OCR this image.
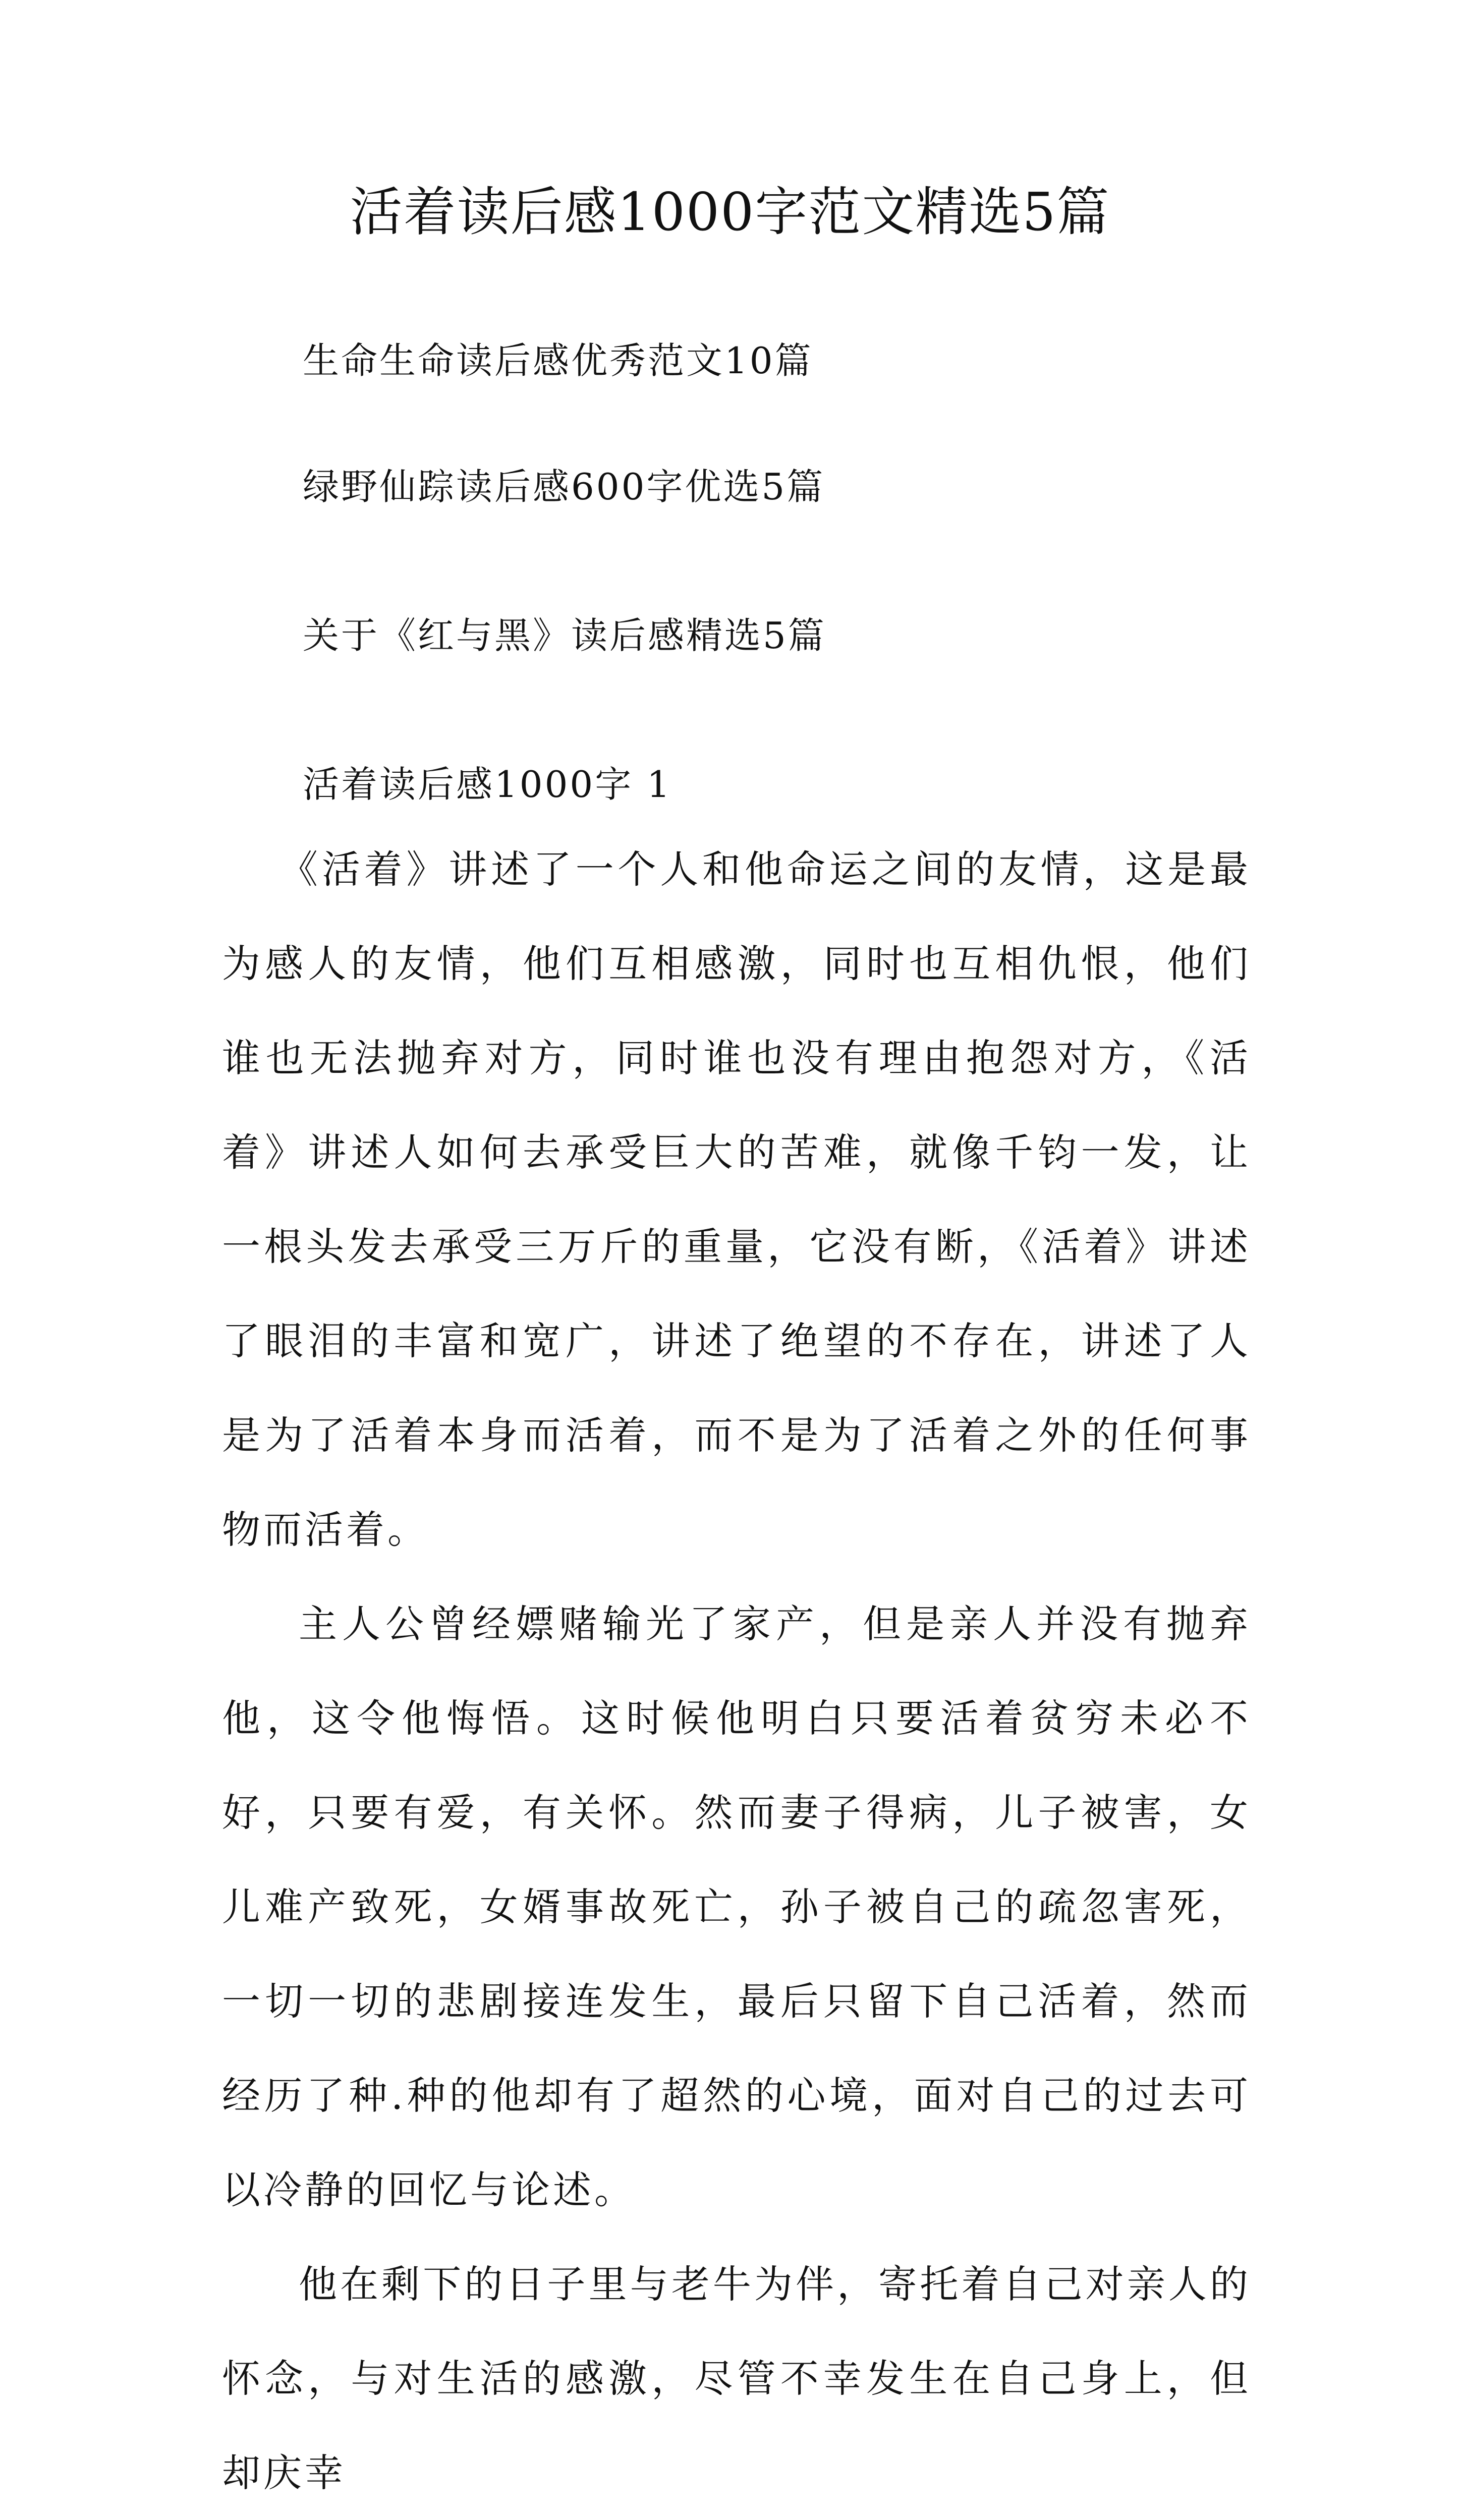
活着读后感1000字范文精选5篇
生命生命读后感优秀范文10篇
绿野仙踪读后感600字优选5篇
关于《红与黑》读后感精选5篇
活着读后感1000字 1

《活着》讲述了一个人和他命运之间的友情，这是最为感人的友情，他们互相感激，同时也互相仇恨，他们谁也无法抛弃对方，同时谁也没有理由抱怨对方，《活着》讲述人如何去承受巨大的苦难，就像千钧一发，让一根头发去承受三万斤的重量，它没有断，《活着》讲述了眼泪的丰富和宽广，讲述了绝望的不存在，讲述了人是为了活着本身而活着，而不是为了活着之外的任何事物而活着。

主人公曾经嫖赌输光了家产，但是亲人并没有抛弃他，这令他悔悟。这时候他明白只要活着贫穷未必不好，只要有爱，有关怀。然而妻子得病，儿子被害，女儿难产致死，女婿事故死亡，孙子被自己的疏忽害死，一切一切的悲剧接连发生，最后只留下自己活着，然而经历了种.种的他却有了超然的心境，面对自己的过去可以冷静的回忆与论述。

他在剩下的日子里与老牛为伴，寄托着自己对亲人的怀念，与对生活的感激，尽管不幸发生在自己身上，但却庆幸
